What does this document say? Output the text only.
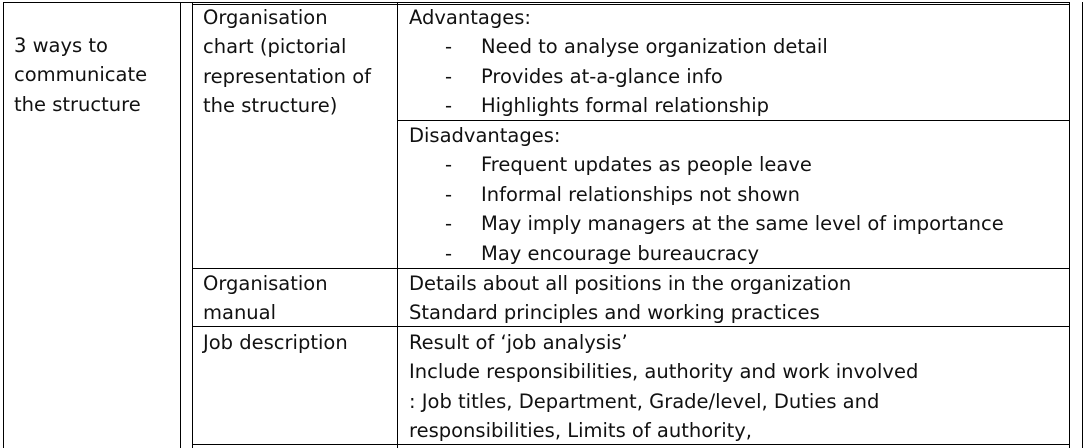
3 ways to
communicate
the structure
Organisation
chart (pictorial
representation of
the structure)
Advantages:
- Need to analyse organization detail
- Provides at-a-glance info
- Highlights formal relationship
Disadvantages:
- Frequent updates as people leave
- Informal relationships not shown
- May imply managers at the same level of importance
- May encourage bureaucracy
Organisation
manual
Details about all positions in the organization
Standard principles and working practices
Job description	Result of ‘job analysis’
Include responsibilities, authority and work involved
: Job titles, Department, Grade/level, Duties and
responsibilities, Limits of authority,
